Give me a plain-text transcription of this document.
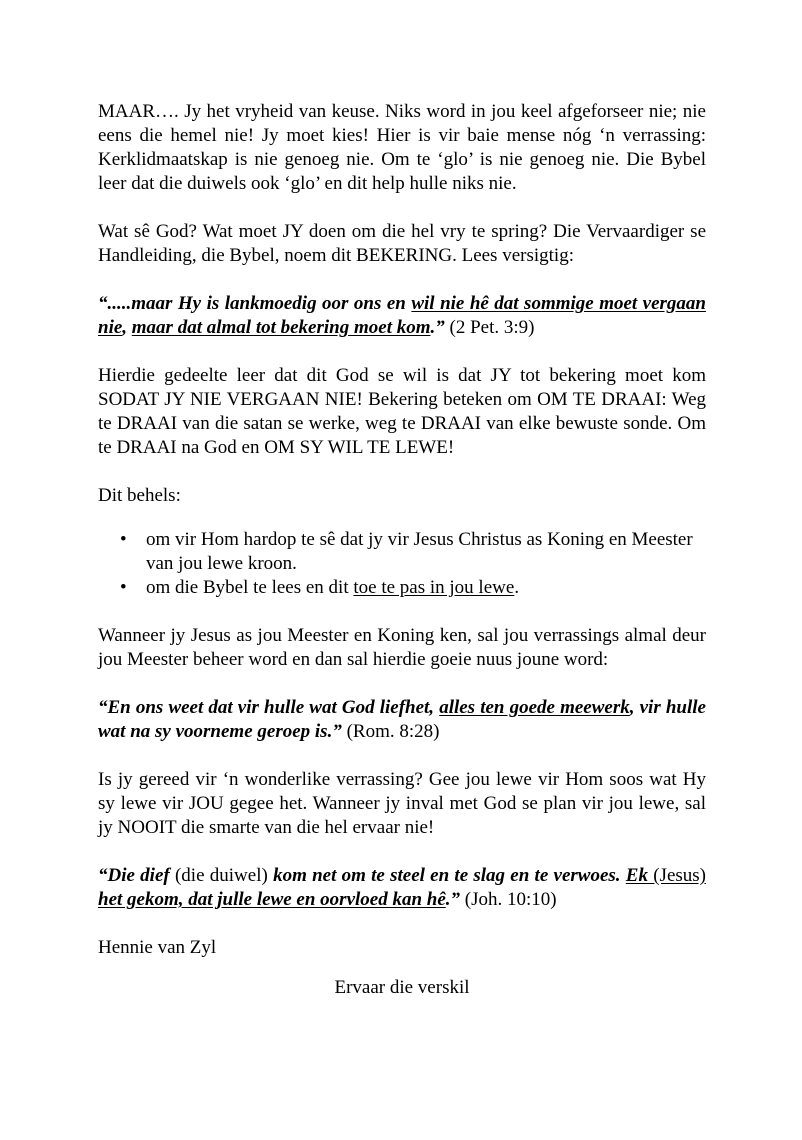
MAAR…. Jy het vryheid van keuse. Niks word in jou keel afgeforseer nie; nie eens die hemel nie! Jy moet kies! Hier is vir baie mense nóg ‘n verrassing: Kerklidmaatskap is nie genoeg nie. Om te ‘glo’ is nie genoeg nie. Die Bybel leer dat die duiwels ook ‘glo’ en dit help hulle niks nie.

Wat sê God? Wat moet JY doen om die hel vry te spring? Die Vervaardiger se Handleiding, die Bybel, noem dit BEKERING. Lees versigtig:

“.....maar Hy is lankmoedig oor ons en wil nie hê dat sommige moet vergaan nie, maar dat almal tot bekering moet kom.” (2 Pet. 3:9)

Hierdie gedeelte leer dat dit God se wil is dat JY tot bekering moet kom SODAT JY NIE VERGAAN NIE! Bekering beteken om OM TE DRAAI: Weg te DRAAI van die satan se werke, weg te DRAAI van elke bewuste sonde. Om te DRAAI na God en OM SY WIL TE LEWE!

Dit behels:

• om vir Hom hardop te sê dat jy vir Jesus Christus as Koning en Meester van jou lewe kroon.
• om die Bybel te lees en dit toe te pas in jou lewe.

Wanneer jy Jesus as jou Meester en Koning ken, sal jou verrassings almal deur jou Meester beheer word en dan sal hierdie goeie nuus joune word:

“En ons weet dat vir hulle wat God liefhet, alles ten goede meewerk, vir hulle wat na sy voorneme geroep is.” (Rom. 8:28)

Is jy gereed vir ‘n wonderlike verrassing? Gee jou lewe vir Hom soos wat Hy sy lewe vir JOU gegee het. Wanneer jy inval met God se plan vir jou lewe, sal jy NOOIT die smarte van die hel ervaar nie!

“Die dief (die duiwel) kom net om te steel en te slag en te verwoes. Ek (Jesus) het gekom, dat julle lewe en oorvloed kan hê.” (Joh. 10:10)

Hennie van Zyl

Ervaar die verskil
